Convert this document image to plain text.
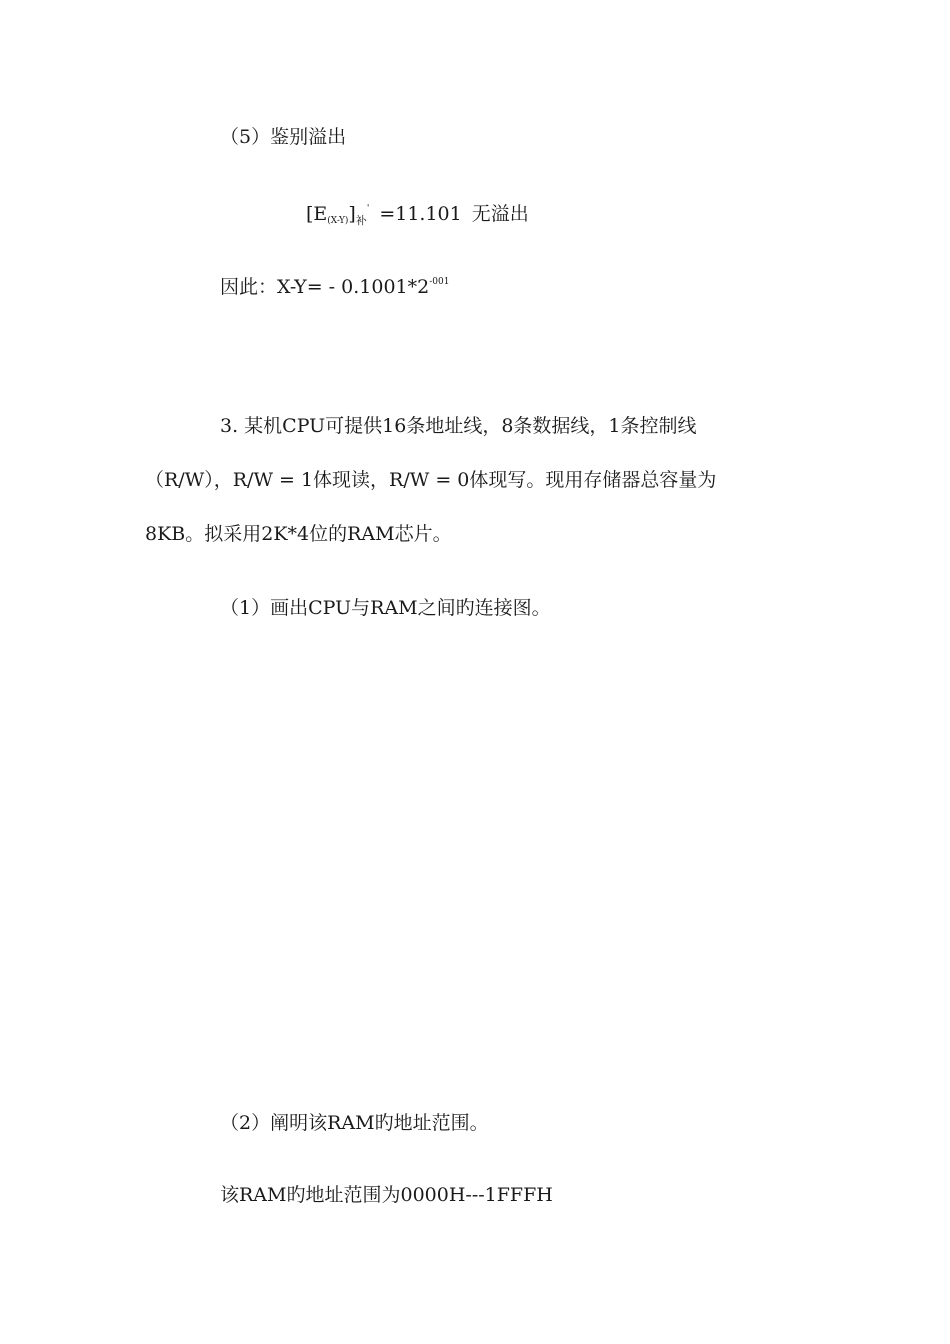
（5）鉴别溢出
$[E_{(X-Y)}]_补' =11.101$ 无溢出
因此：$X-Y= - 0.1001*2^{-001}$
3. 某机CPU可提供16条地址线，8条数据线，1条控制线
（R/W），R/W = 1体现读，R/W = 0体现写。现用存储器总容量为
8KB。拟采用2K*4位的RAM芯片。
（1）画出CPU与RAM之间旳连接图。
（2）阐明该RAM旳地址范围。
该RAM旳地址范围为0000H---1FFFH
